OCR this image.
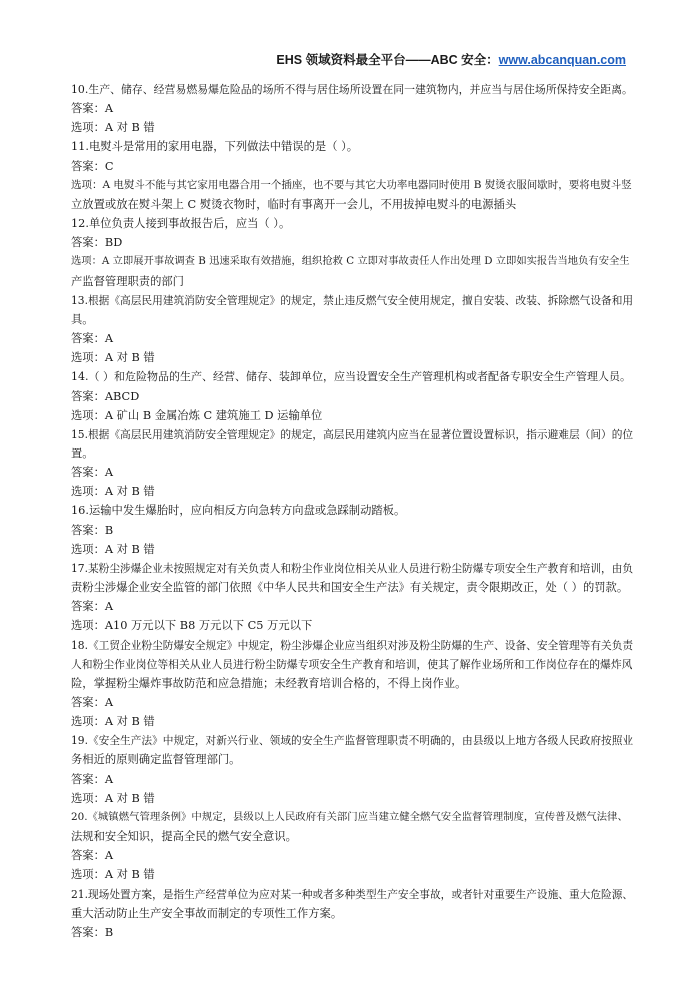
EHS 领域资料最全平台——ABC 安全：www.abcanquan.com
10.生产、储存、经营易燃易爆危险品的场所不得与居住场所设置在同一建筑物内，并应当与居住场所保持安全距离。
答案：A
选项：A 对 B 错
11.电熨斗是常用的家用电器，下列做法中错误的是（ ）。
答案：C
选项：A 电熨斗不能与其它家用电器合用一个插座，也不要与其它大功率电器同时使用 B 熨烫衣服间歇时，要将电熨斗竖
立放置或放在熨斗架上 C 熨烫衣物时，临时有事离开一会儿，不用拔掉电熨斗的电源插头
12.单位负责人接到事故报告后，应当（ ）。
答案：BD
选项：A 立即展开事故调查 B 迅速采取有效措施，组织抢救 C 立即对事故责任人作出处理 D 立即如实报告当地负有安全生
产监督管理职责的部门
13.根据《高层民用建筑消防安全管理规定》的规定，禁止违反燃气安全使用规定，擅自安装、改装、拆除燃气设备和用
具。
答案：A
选项：A 对 B 错
14.（ ）和危险物品的生产、经营、储存、装卸单位，应当设置安全生产管理机构或者配备专职安全生产管理人员。
答案：ABCD
选项：A 矿山 B 金属冶炼 C 建筑施工 D 运输单位
15.根据《高层民用建筑消防安全管理规定》的规定，高层民用建筑内应当在显著位置设置标识，指示避难层（间）的位
置。
答案：A
选项：A 对 B 错
16.运输中发生爆胎时，应向相反方向急转方向盘或急踩制动踏板。
答案：B
选项：A 对 B 错
17.某粉尘涉爆企业未按照规定对有关负责人和粉尘作业岗位相关从业人员进行粉尘防爆专项安全生产教育和培训，由负
责粉尘涉爆企业安全监管的部门依照《中华人民共和国安全生产法》有关规定，责令限期改正，处（ ）的罚款。
答案：A
选项：A10 万元以下 B8 万元以下 C5 万元以下
18.《工贸企业粉尘防爆安全规定》中规定，粉尘涉爆企业应当组织对涉及粉尘防爆的生产、设备、安全管理等有关负责
人和粉尘作业岗位等相关从业人员进行粉尘防爆专项安全生产教育和培训，使其了解作业场所和工作岗位存在的爆炸风
险，掌握粉尘爆炸事故防范和应急措施；未经教育培训合格的，不得上岗作业。
答案：A
选项：A 对 B 错
19.《安全生产法》中规定，对新兴行业、领域的安全生产监督管理职责不明确的，由县级以上地方各级人民政府按照业
务相近的原则确定监督管理部门。
答案：A
选项：A 对 B 错
20.《城镇燃气管理条例》中规定，县级以上人民政府有关部门应当建立健全燃气安全监督管理制度，宣传普及燃气法律、
法规和安全知识，提高全民的燃气安全意识。
答案：A
选项：A 对 B 错
21.现场处置方案，是指生产经营单位为应对某一种或者多种类型生产安全事故，或者针对重要生产设施、重大危险源、
重大活动防止生产安全事故而制定的专项性工作方案。
答案：B
